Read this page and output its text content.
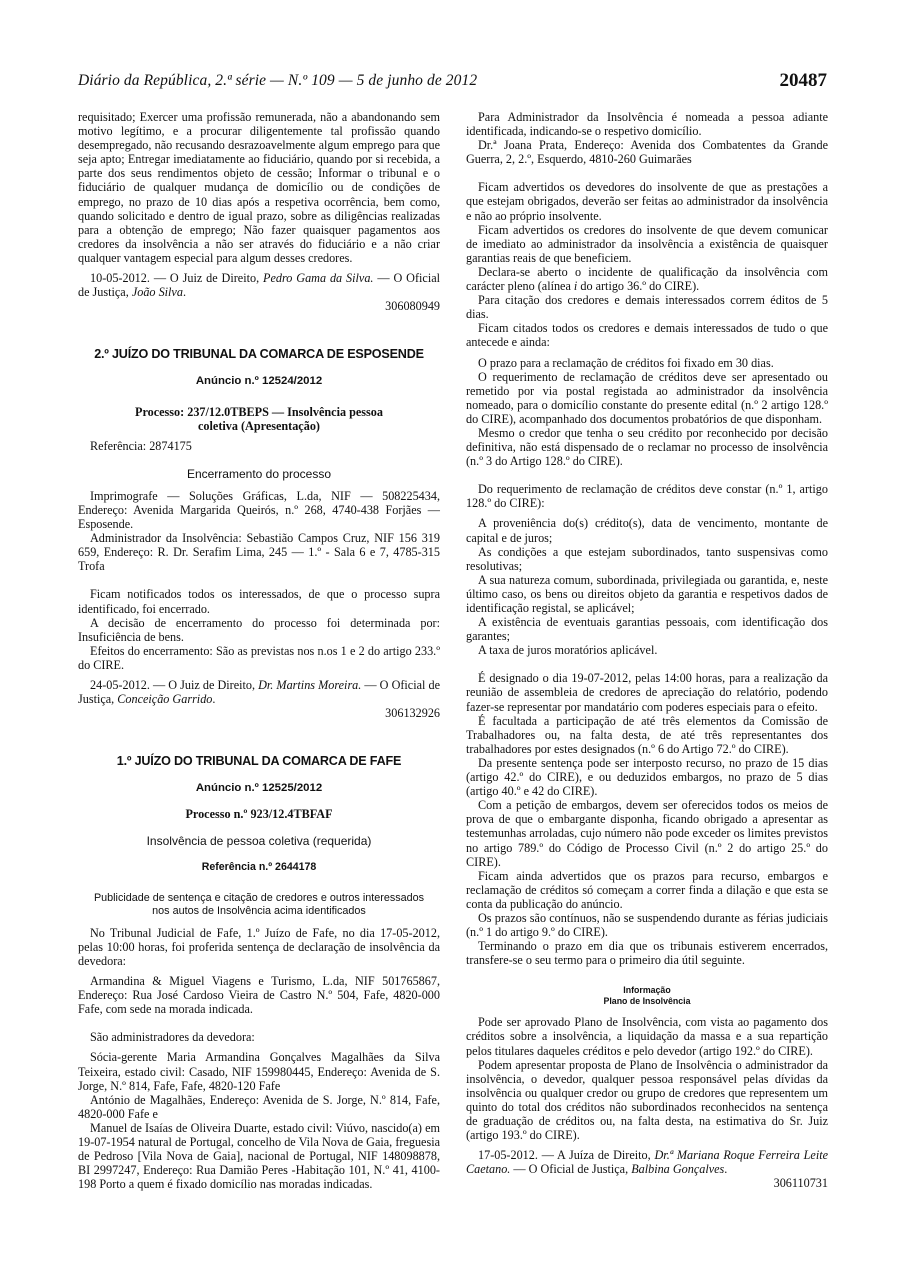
Diário da República, 2.ª série — N.º 109 — 5 de junho de 2012	20487

requisitado; Exercer uma profissão remunerada, não a abandonando sem motivo legítimo, e a procurar diligentemente tal profissão quando desempregado, não recusando desrazoavelmente algum emprego para que seja apto; Entregar imediatamente ao fiduciário, quando por si recebida, a parte dos seus rendimentos objeto de cessão; Informar o tribunal e o fiduciário de qualquer mudança de domicílio ou de condições de emprego, no prazo de 10 dias após a respetiva ocorrência, bem como, quando solicitado e dentro de igual prazo, sobre as diligências realizadas para a obtenção de emprego; Não fazer quaisquer pagamentos aos credores da insolvência a não ser através do fiduciário e a não criar qualquer vantagem especial para algum desses credores.

10-05-2012. — O Juiz de Direito, Pedro Gama da Silva. — O Oficial de Justiça, João Silva.

306080949

2.º JUÍZO DO TRIBUNAL DA COMARCA DE ESPOSENDE

Anúncio n.º 12524/2012

Processo: 237/12.0TBEPS — Insolvência pessoa coletiva (Apresentação)

Referência: 2874175

Encerramento do processo

Imprimografe — Soluções Gráficas, L.da, NIF — 508225434, Endereço: Avenida Margarida Queirós, n.º 268, 4740-438 Forjães — Esposende.

Administrador da Insolvência: Sebastião Campos Cruz, NIF 156 319 659, Endereço: R. Dr. Serafim Lima, 245 — 1.º - Sala 6 e 7, 4785-315 Trofa

Ficam notificados todos os interessados, de que o processo supra identificado, foi encerrado.

A decisão de encerramento do processo foi determinada por: Insuficiência de bens.

Efeitos do encerramento: São as previstas nos n.os 1 e 2 do artigo 233.º do CIRE.

24-05-2012. — O Juiz de Direito, Dr. Martins Moreira. — O Oficial de Justiça, Conceição Garrido.

306132926

1.º JUÍZO DO TRIBUNAL DA COMARCA DE FAFE

Anúncio n.º 12525/2012

Processo n.º 923/12.4TBFAF

Insolvência de pessoa coletiva (requerida)

Referência n.º 2644178

Publicidade de sentença e citação de credores e outros interessados nos autos de Insolvência acima identificados

No Tribunal Judicial de Fafe, 1.º Juízo de Fafe, no dia 17-05-2012, pelas 10:00 horas, foi proferida sentença de declaração de insolvência da devedora:

Armandina & Miguel Viagens e Turismo, L.da, NIF 501765867, Endereço: Rua José Cardoso Vieira de Castro N.º 504, Fafe, 4820-000 Fafe, com sede na morada indicada.

São administradores da devedora:

Sócia-gerente Maria Armandina Gonçalves Magalhães da Silva Teixeira, estado civil: Casado, NIF 159980445, Endereço: Avenida de S. Jorge, N.º 814, Fafe, Fafe, 4820-120 Fafe

António de Magalhães, Endereço: Avenida de S. Jorge, N.º 814, Fafe, 4820-000 Fafe e

Manuel de Isaías de Oliveira Duarte, estado civil: Viúvo, nascido(a) em 19-07-1954 natural de Portugal, concelho de Vila Nova de Gaia, freguesia de Pedroso [Vila Nova de Gaia], nacional de Portugal, NIF 148098878, BI 2997247, Endereço: Rua Damião Peres -Habitação 101, N.º 41, 4100-198 Porto a quem é fixado domicílio nas moradas indicadas.

Para Administrador da Insolvência é nomeada a pessoa adiante identificada, indicando-se o respetivo domicílio.

Dr.ª Joana Prata, Endereço: Avenida dos Combatentes da Grande Guerra, 2, 2.º, Esquerdo, 4810-260 Guimarães

Ficam advertidos os devedores do insolvente de que as prestações a que estejam obrigados, deverão ser feitas ao administrador da insolvência e não ao próprio insolvente.

Ficam advertidos os credores do insolvente de que devem comunicar de imediato ao administrador da insolvência a existência de quaisquer garantias reais de que beneficiem.

Declara-se aberto o incidente de qualificação da insolvência com carácter pleno (alínea i do artigo 36.º do CIRE).

Para citação dos credores e demais interessados correm éditos de 5 dias.

Ficam citados todos os credores e demais interessados de tudo o que antecede e ainda:

O prazo para a reclamação de créditos foi fixado em 30 dias.

O requerimento de reclamação de créditos deve ser apresentado ou remetido por via postal registada ao administrador da insolvência nomeado, para o domicílio constante do presente edital (n.º 2 artigo 128.º do CIRE), acompanhado dos documentos probatórios de que disponham.

Mesmo o credor que tenha o seu crédito por reconhecido por decisão definitiva, não está dispensado de o reclamar no processo de insolvência (n.º 3 do Artigo 128.º do CIRE).

Do requerimento de reclamação de créditos deve constar (n.º 1, artigo 128.º do CIRE):

A proveniência do(s) crédito(s), data de vencimento, montante de capital e de juros;

As condições a que estejam subordinados, tanto suspensivas como resolutivas;

A sua natureza comum, subordinada, privilegiada ou garantida, e, neste último caso, os bens ou direitos objeto da garantia e respetivos dados de identificação registal, se aplicável;

A existência de eventuais garantias pessoais, com identificação dos garantes;

A taxa de juros moratórios aplicável.

É designado o dia 19-07-2012, pelas 14:00 horas, para a realização da reunião de assembleia de credores de apreciação do relatório, podendo fazer-se representar por mandatário com poderes especiais para o efeito.

É facultada a participação de até três elementos da Comissão de Trabalhadores ou, na falta desta, de até três representantes dos trabalhadores por estes designados (n.º 6 do Artigo 72.º do CIRE).

Da presente sentença pode ser interposto recurso, no prazo de 15 dias (artigo 42.º do CIRE), e ou deduzidos embargos, no prazo de 5 dias (artigo 40.º e 42 do CIRE).

Com a petição de embargos, devem ser oferecidos todos os meios de prova de que o embargante disponha, ficando obrigado a apresentar as testemunhas arroladas, cujo número não pode exceder os limites previstos no artigo 789.º do Código de Processo Civil (n.º 2 do artigo 25.º do CIRE).

Ficam ainda advertidos que os prazos para recurso, embargos e reclamação de créditos só começam a correr finda a dilação e que esta se conta da publicação do anúncio.

Os prazos são contínuos, não se suspendendo durante as férias judiciais (n.º 1 do artigo 9.º do CIRE).

Terminando o prazo em dia que os tribunais estiverem encerrados, transfere-se o seu termo para o primeiro dia útil seguinte.

Informação

Plano de Insolvência

Pode ser aprovado Plano de Insolvência, com vista ao pagamento dos créditos sobre a insolvência, a liquidação da massa e a sua repartição pelos titulares daqueles créditos e pelo devedor (artigo 192.º do CIRE).

Podem apresentar proposta de Plano de Insolvência o administrador da insolvência, o devedor, qualquer pessoa responsável pelas dívidas da insolvência ou qualquer credor ou grupo de credores que representem um quinto do total dos créditos não subordinados reconhecidos na sentença de graduação de créditos ou, na falta desta, na estimativa do Sr. Juiz (artigo 193.º do CIRE).

17-05-2012. — A Juíza de Direito, Dr.ª Mariana Roque Ferreira Leite Caetano. — O Oficial de Justiça, Balbina Gonçalves.

306110731
